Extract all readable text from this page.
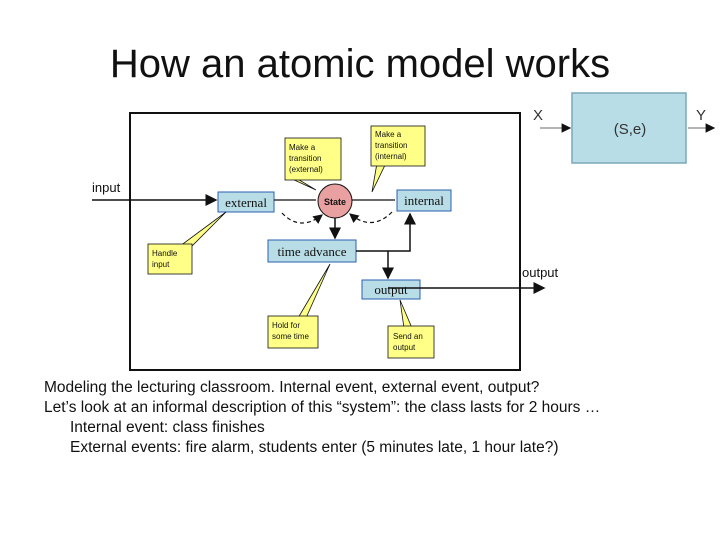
How an atomic model works
(S,e)
X	Y
input
external	State	internal
time advance
output
output
Make a transition (external)
Make a transition (internal)
Handle input
Hold for some time	Send an output
Modeling the lecturing classroom. Internal event, external event, output?
Let’s look at an informal description of this “system”: the class lasts for 2 hours …
Internal event: class finishes
External events: fire alarm, students enter (5 minutes late, 1 hour late?)
